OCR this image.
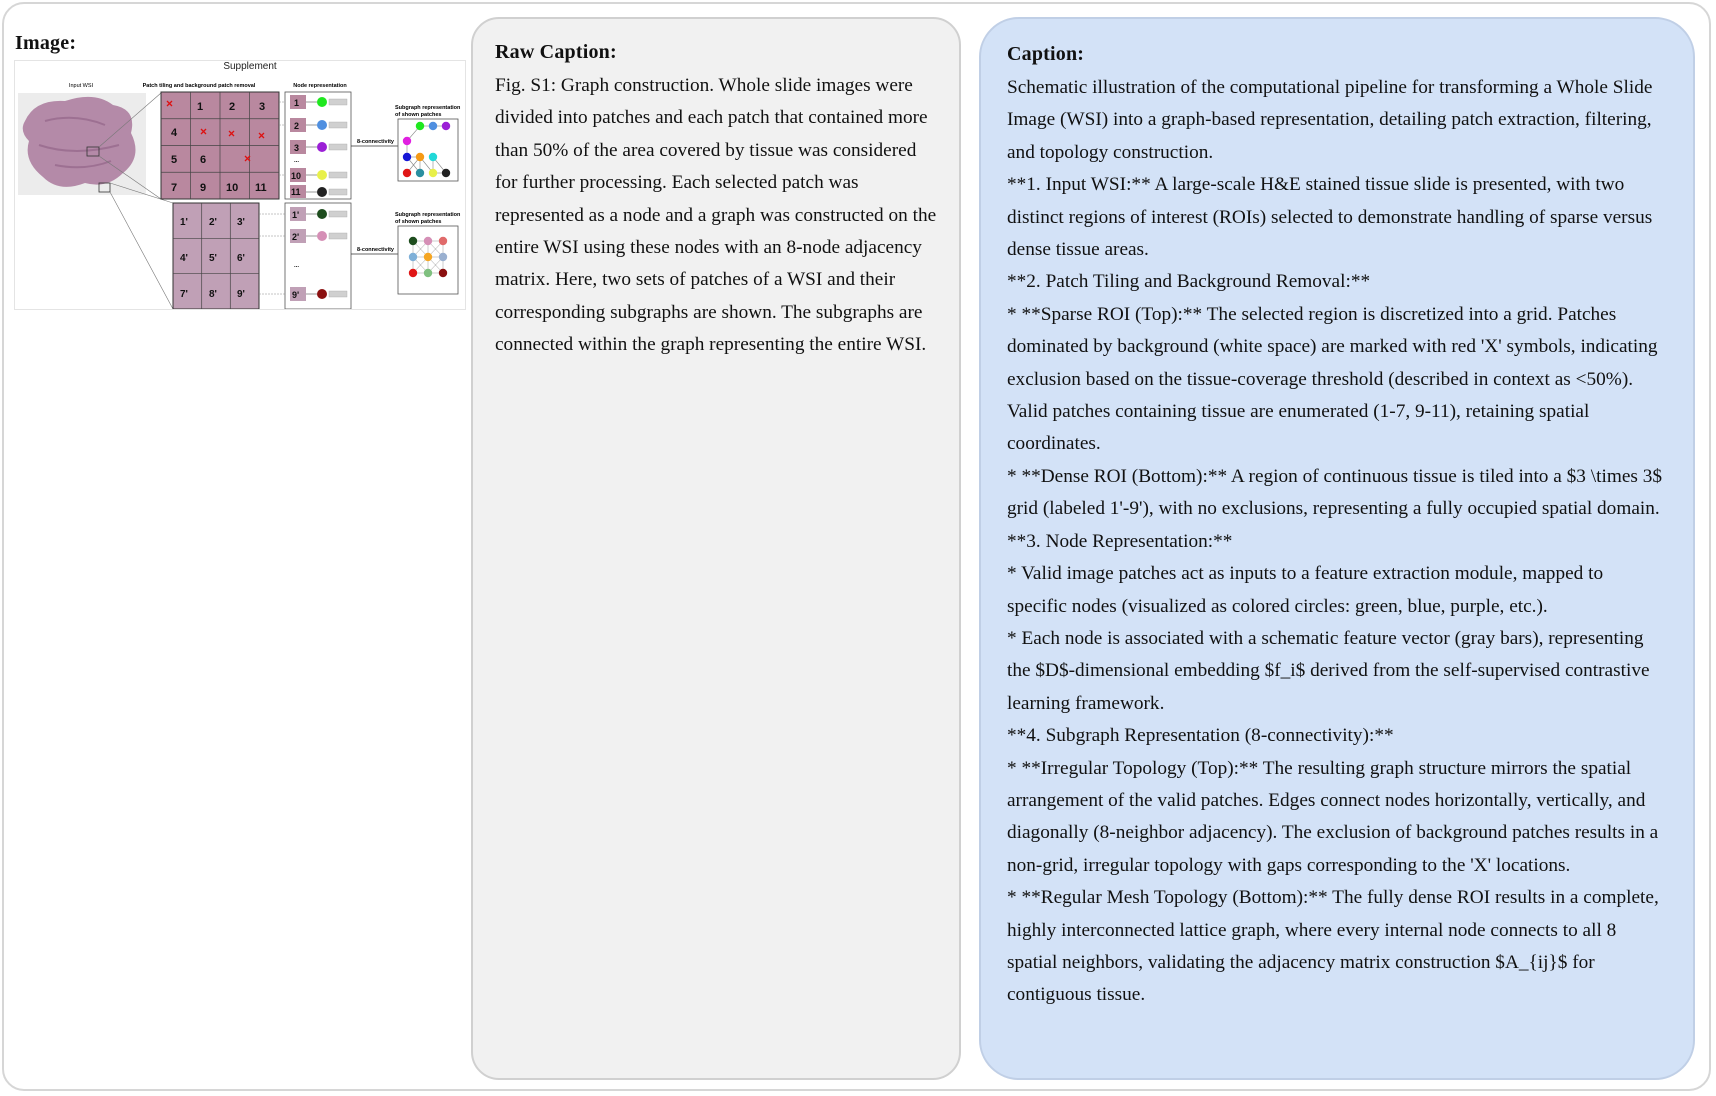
Image:
Supplement
Input WSI	Patch tiling and background patch removal	Node representation
1 2 3
4
5 6
7 9 10 11
1' 2' 3'
4' 5' 6'
7' 8' 9'
1
2
3
...
10
11
1'
2'
...
9'
8-connectivity
8-connectivity
Subgraph representation
of shown patches
Subgraph representation
of shown patches
Raw Caption:
Fig. S1: Graph construction. Whole slide images were divided into patches and each patch that contained more than 50% of the area covered by tissue was considered for further processing. Each selected patch was represented as a node and a graph was constructed on the entire WSI using these nodes with an 8-node adjacency matrix. Here, two sets of patches of a WSI and their corresponding subgraphs are shown. The subgraphs are connected within the graph representing the entire WSI.
Caption:

Schematic illustration of the computational pipeline for transforming a Whole Slide Image (WSI) into a graph-based representation, detailing patch extraction, filtering, and topology construction.

**1. Input WSI:** A large-scale H&E stained tissue slide is presented, with two distinct regions of interest (ROIs) selected to demonstrate handling of sparse versus dense tissue areas.

**2. Patch Tiling and Background Removal:**

* **Sparse ROI (Top):** The selected region is discretized into a grid. Patches dominated by background (white space) are marked with red 'X' symbols, indicating exclusion based on the tissue-coverage threshold (described in context as <50%). Valid patches containing tissue are enumerated (1-7, 9-11), retaining spatial coordinates.

* **Dense ROI (Bottom):** A region of continuous tissue is tiled into a $3 \times 3$ grid (labeled 1'-9'), with no exclusions, representing a fully occupied spatial domain.

**3. Node Representation:**

* Valid image patches act as inputs to a feature extraction module, mapped to specific nodes (visualized as colored circles: green, blue, purple, etc.).

* Each node is associated with a schematic feature vector (gray bars), representing the $D$-dimensional embedding $f_i$ derived from the self-supervised contrastive learning framework.

**4. Subgraph Representation (8-connectivity):**

* **Irregular Topology (Top):** The resulting graph structure mirrors the spatial arrangement of the valid patches. Edges connect nodes horizontally, vertically, and diagonally (8-neighbor adjacency). The exclusion of background patches results in a non-grid, irregular topology with gaps corresponding to the 'X' locations.

* **Regular Mesh Topology (Bottom):** The fully dense ROI results in a complete, highly interconnected lattice graph, where every internal node connects to all 8 spatial neighbors, validating the adjacency matrix construction $A_{ij}$ for contiguous tissue.
